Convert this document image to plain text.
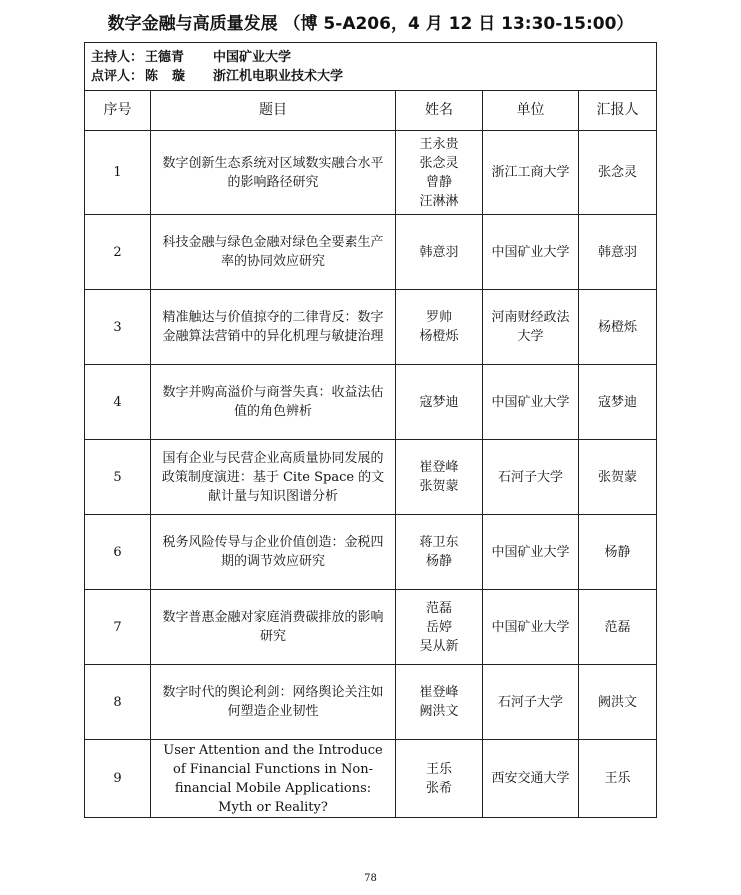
数字金融与高质量发展 （博 5-A206，4 月 12 日 13:30-15:00）
主持人： 王德青 中国矿业大学
点评人： 陈璇 浙江机电职业技术大学				

序号	题目	姓名	单位	汇报人
1	数字创新生态系统对区域数实融合水平的影响路径研究	王永贵
张念灵
曾静
汪淋淋	浙江工商大学	张念灵
2	科技金融与绿色金融对绿色全要素生产率的协同效应研究	韩意羽	中国矿业大学	韩意羽
3	精准触达与价值掠夺的二律背反：数字金融算法营销中的异化机理与敏捷治理	罗帅
杨橙烁	河南财经政法大学	杨橙烁
4	数字并购高溢价与商誉失真：收益法估值的角色辨析	寇梦迪	中国矿业大学	寇梦迪
5	国有企业与民营企业高质量协同发展的政策制度演进：基于 Cite Space 的文献计量与知识图谱分析	崔登峰
张贺蒙	石河子大学	张贺蒙
6	税务风险传导与企业价值创造：金税四期的调节效应研究	蒋卫东
杨静	中国矿业大学	杨静
7	数字普惠金融对家庭消费碳排放的影响研究	范磊
岳婷
吴从新	中国矿业大学	范磊
8	数字时代的舆论利剑：网络舆论关注如何塑造企业韧性	崔登峰
阙洪文	石河子大学	阙洪文
9	User Attention and the Introduce of Financial Functions in Non-financial Mobile Applications: Myth or Reality?	王乐
张希	西安交通大学	王乐
78
